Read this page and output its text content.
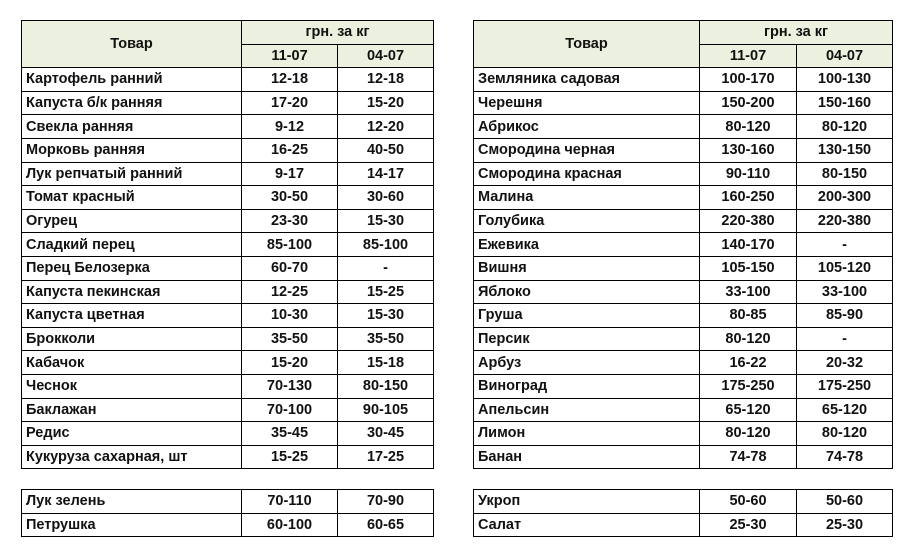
Товар	грн. за кг	
	11-07	04-07
Картофель ранний	12-18	12-18
Капуста б/к ранняя	17-20	15-20
Свекла ранняя	9-12	12-20
Морковь ранняя	16-25	40-50
Лук репчатый ранний	9-17	14-17
Томат красный	30-50	30-60
Огурец	23-30	15-30
Сладкий перец	85-100	85-100
Перец Белозерка	60-70	-
Капуста пекинская	12-25	15-25
Капуста цветная	10-30	15-30
Брокколи	35-50	35-50
Кабачок	15-20	15-18
Чеснок	70-130	80-150
Баклажан	70-100	90-105
Редис	35-45	30-45
Кукуруза сахарная, шт	15-25	17-25
Товар	грн. за кг	
	11-07	04-07
Земляника садовая	100-170	100-130
Черешня	150-200	150-160
Абрикос	80-120	80-120
Смородина черная	130-160	130-150
Смородина красная	90-110	80-150
Малина	160-250	200-300
Голубика	220-380	220-380
Ежевика	140-170	-
Вишня	105-150	105-120
Яблоко	33-100	33-100
Груша	80-85	85-90
Персик	80-120	-
Арбуз	16-22	20-32
Виноград	175-250	175-250
Апельсин	65-120	65-120
Лимон	80-120	80-120
Банан	74-78	74-78
Лук зелень	70-110	70-90
Петрушка	60-100	60-65
Укроп	50-60	50-60
Салат	25-30	25-30
